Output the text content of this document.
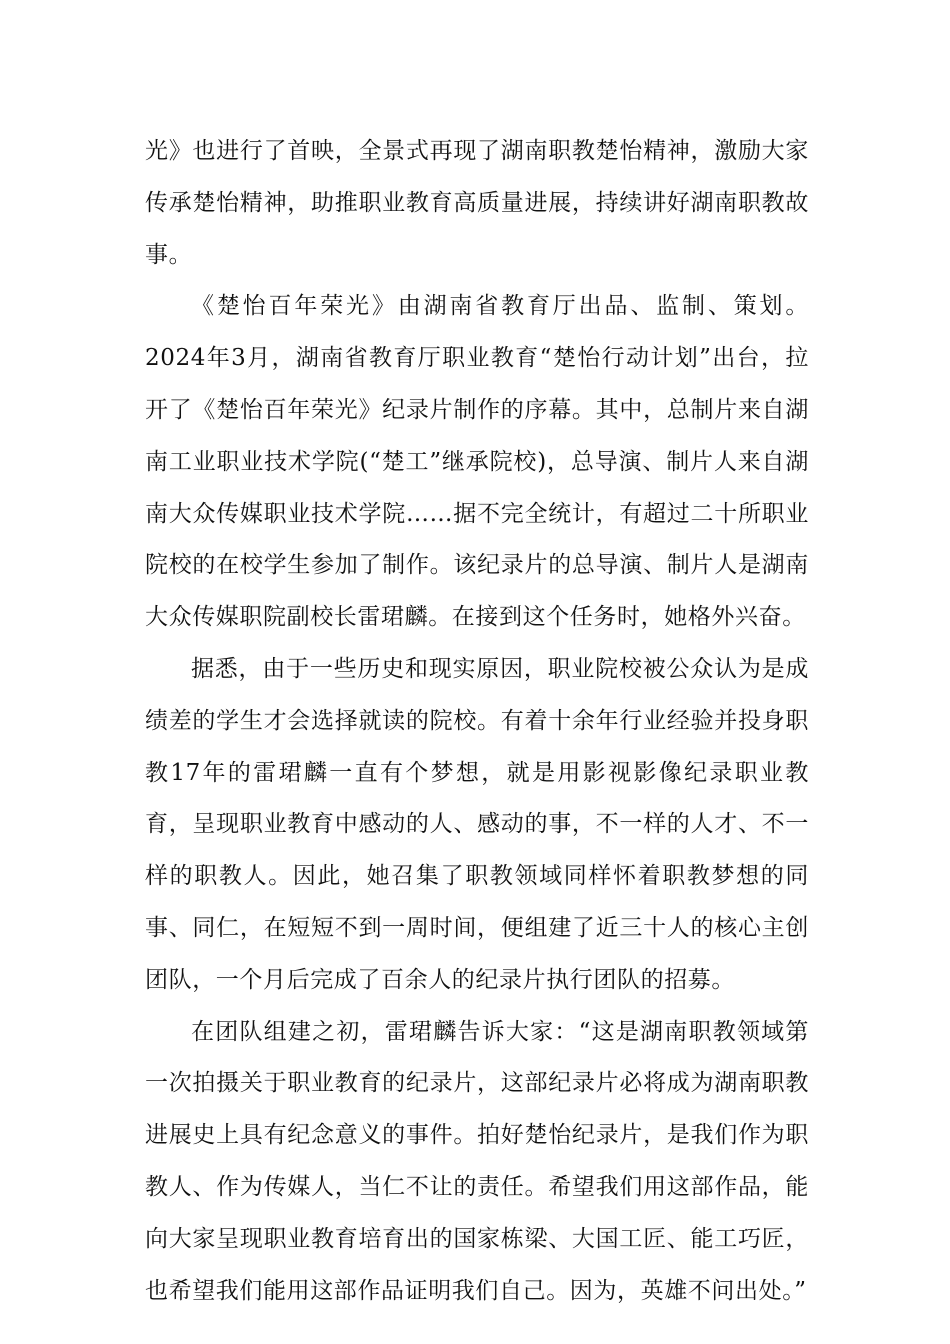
光》也进行了首映，全景式再现了湖南职教楚怡精神，激励大家传承楚怡精神，助推职业教育高质量进展，持续讲好湖南职教故事。

《楚怡百年荣光》由湖南省教育厅出品、监制、策划。2024年3月，湖南省教育厅职业教育“楚怡行动计划”出台，拉开了《楚怡百年荣光》纪录片制作的序幕。其中，总制片来自湖南工业职业技术学院(“楚工”继承院校)，总导演、制片人来自湖南大众传媒职业技术学院……据不完全统计，有超过二十所职业院校的在校学生参加了制作。该纪录片的总导演、制片人是湖南大众传媒职院副校长雷珺麟。在接到这个任务时，她格外兴奋。

据悉，由于一些历史和现实原因，职业院校被公众认为是成绩差的学生才会选择就读的院校。有着十余年行业经验并投身职教17年的雷珺麟一直有个梦想，就是用影视影像纪录职业教育，呈现职业教育中感动的人、感动的事，不一样的人才、不一样的职教人。因此，她召集了职教领域同样怀着职教梦想的同事、同仁，在短短不到一周时间，便组建了近三十人的核心主创团队，一个月后完成了百余人的纪录片执行团队的招募。

在团队组建之初，雷珺麟告诉大家：“这是湖南职教领域第一次拍摄关于职业教育的纪录片，这部纪录片必将成为湖南职教进展史上具有纪念意义的事件。拍好楚怡纪录片，是我们作为职教人、作为传媒人，当仁不让的责任。希望我们用这部作品，能向大家呈现职业教育培育出的国家栋梁、大国工匠、能工巧匠，也希望我们能用这部作品证明我们自己。因为，英雄不问出处。”
